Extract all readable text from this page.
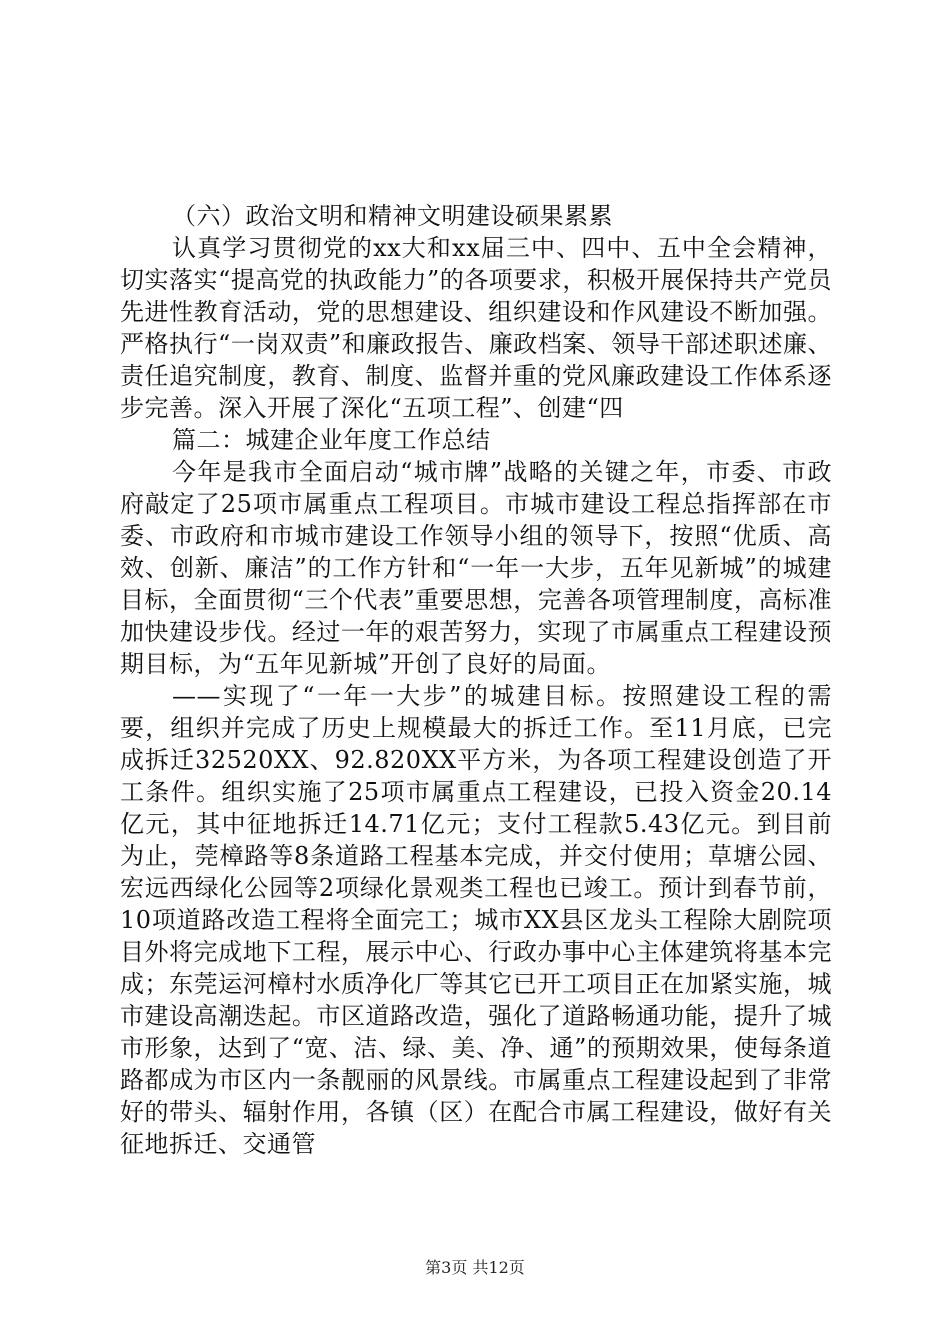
（六）政治文明和精神文明建设硕果累累

认真学习贯彻党的xx大和xx届三中、四中、五中全会精神，切实落实“提高党的执政能力”的各项要求，积极开展保持共产党员先进性教育活动，党的思想建设、组织建设和作风建设不断加强。严格执行“一岗双责”和廉政报告、廉政档案、领导干部述职述廉、责任追究制度，教育、制度、监督并重的党风廉政建设工作体系逐步完善。深入开展了深化“五项工程”、创建“四

篇二：城建企业年度工作总结

今年是我市全面启动“城市牌”战略的关键之年，市委、市政府敲定了25项市属重点工程项目。市城市建设工程总指挥部在市委、市政府和市城市建设工作领导小组的领导下，按照“优质、高效、创新、廉洁”的工作方针和“一年一大步，五年见新城”的城建目标，全面贯彻“三个代表”重要思想，完善各项管理制度，高标准加快建设步伐。经过一年的艰苦努力，实现了市属重点工程建设预期目标，为“五年见新城”开创了良好的局面。

——实现了“一年一大步”的城建目标。按照建设工程的需要，组织并完成了历史上规模最大的拆迁工作。至11月底，已完成拆迁32520XX、92.820XX平方米，为各项工程建设创造了开工条件。组织实施了25项市属重点工程建设，已投入资金20.14亿元，其中征地拆迁14.71亿元；支付工程款5.43亿元。到目前为止，莞樟路等8条道路工程基本完成，并交付使用；草塘公园、宏远西绿化公园等2项绿化景观类工程也已竣工。预计到春节前，10项道路改造工程将全面完工；城市XX县区龙头工程除大剧院项目外将完成地下工程，展示中心、行政办事中心主体建筑将基本完成；东莞运河樟村水质净化厂等其它已开工项目正在加紧实施，城市建设高潮迭起。市区道路改造，强化了道路畅通功能，提升了城市形象，达到了“宽、洁、绿、美、净、通”的预期效果，使每条道路都成为市区内一条靓丽的风景线。市属重点工程建设起到了非常好的带头、辐射作用，各镇（区）在配合市属工程建设，做好有关征地拆迁、交通管

第3页 共12页
